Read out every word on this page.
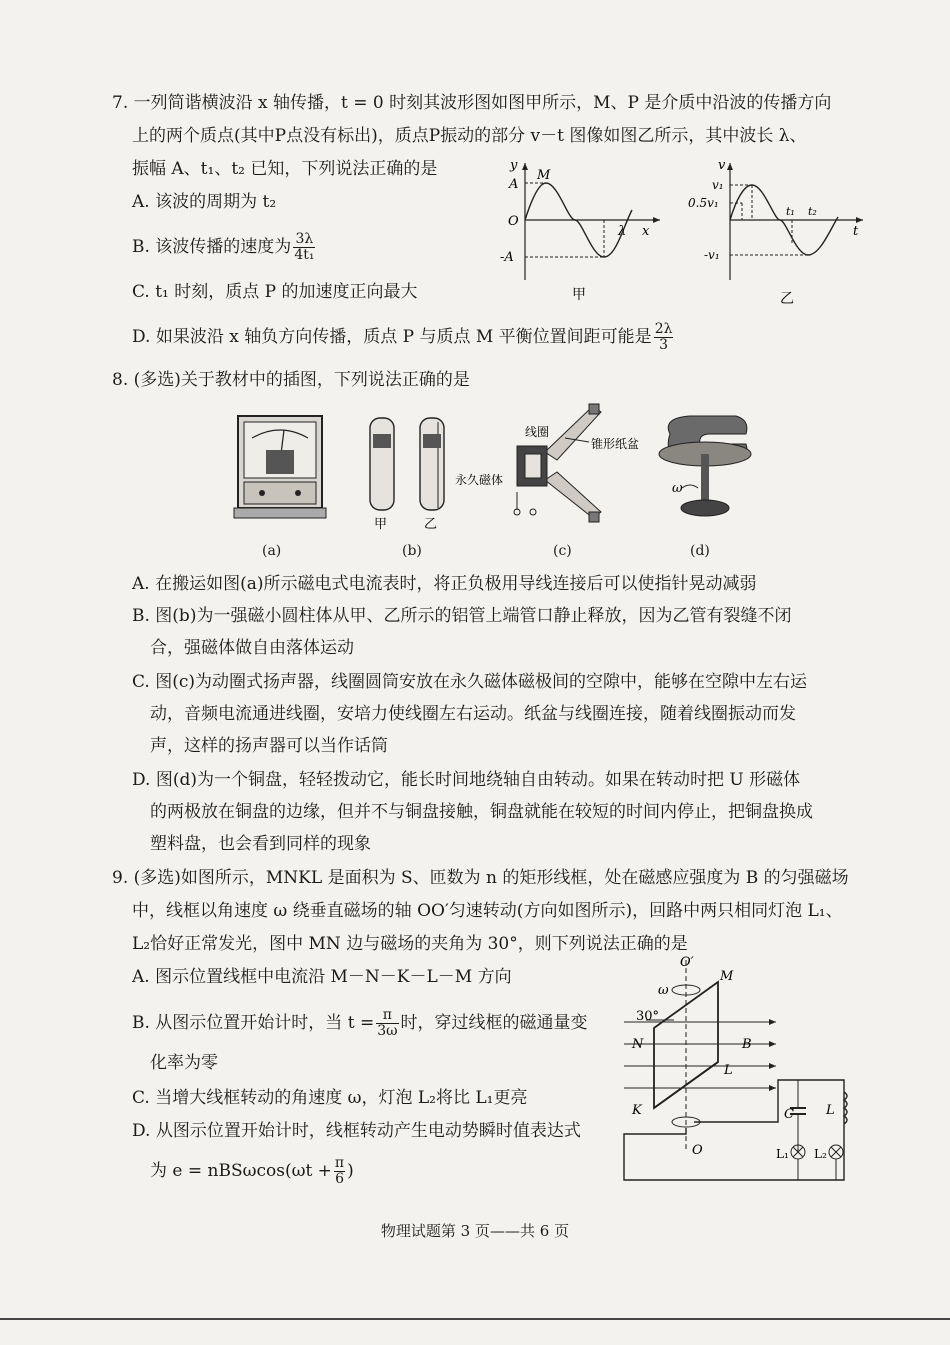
7. 一列简谐横波沿 x 轴传播，t = 0 时刻其波形图如图甲所示，M、P 是介质中沿波的传播方向
上的两个质点(其中P点没有标出)，质点P振动的部分 v－t 图像如图乙所示，其中波长 λ、
振幅 A、t₁、t₂ 已知，下列说法正确的是
A. 该波的周期为 t₂
B. 该波传播的速度为 $\frac{3\lambda}{\text{4t₁}}$
C. t₁ 时刻，质点 P 的加速度正向最大
D. 如果波沿 x 轴负方向传播，质点 P 与质点 M 平衡位置间距可能是 $\frac{2\lambda}{3}$
y
A
M
O
-A
λ x
甲
v
v₁
0.5v₁
t₁ t₂
-v₁
t
乙
8. (多选)关于教材中的插图，下列说法正确的是
甲	乙
线圈
锥形纸盆
永久磁体
ω
(a)	(b)	(c)	(d)
A. 在搬运如图(a)所示磁电式电流表时，将正负极用导线连接后可以使指针晃动减弱
B. 图(b)为一强磁小圆柱体从甲、乙所示的铝管上端管口静止释放，因为乙管有裂缝不闭
合，强磁体做自由落体运动
C. 图(c)为动圈式扬声器，线圈圆筒安放在永久磁体磁极间的空隙中，能够在空隙中左右运
动，音频电流通进线圈，安培力使线圈左右运动。纸盆与线圈连接，随着线圈振动而发
声，这样的扬声器可以当作话筒
D. 图(d)为一个铜盘，轻轻拨动它，能长时间地绕轴自由转动。如果在转动时把 U 形磁体
的两极放在铜盘的边缘，但并不与铜盘接触，铜盘就能在较短的时间内停止，把铜盘换成
塑料盘，也会看到同样的现象
9. (多选)如图所示，MNKL 是面积为 S、匝数为 n 的矩形线框，处在磁感应强度为 B 的匀强磁场
中，线框以角速度 ω 绕垂直磁场的轴 OO′匀速转动(方向如图所示)，回路中两只相同灯泡 L₁、
L₂恰好正常发光，图中 MN 边与磁场的夹角为 30°，则下列说法正确的是
A. 图示位置线框中电流沿 M－N－K－L－M 方向
B. 从图示位置开始计时，当 $t = \frac{\pi}{3\omega}$ 时，穿过线框的磁通量变
化率为零
C. 当增大线框转动的角速度 ω，灯泡 L₂将比 L₁更亮
D. 从图示位置开始计时，线框转动产生电动势瞬时值表达式
为 $e = nBS\omega\cos(\omega t + \frac{\pi}{6}$ )
O′
ω
M
30°
N	B
L
K
O
C L
L₁ L₂
物理试题第 3 页——共 6 页
